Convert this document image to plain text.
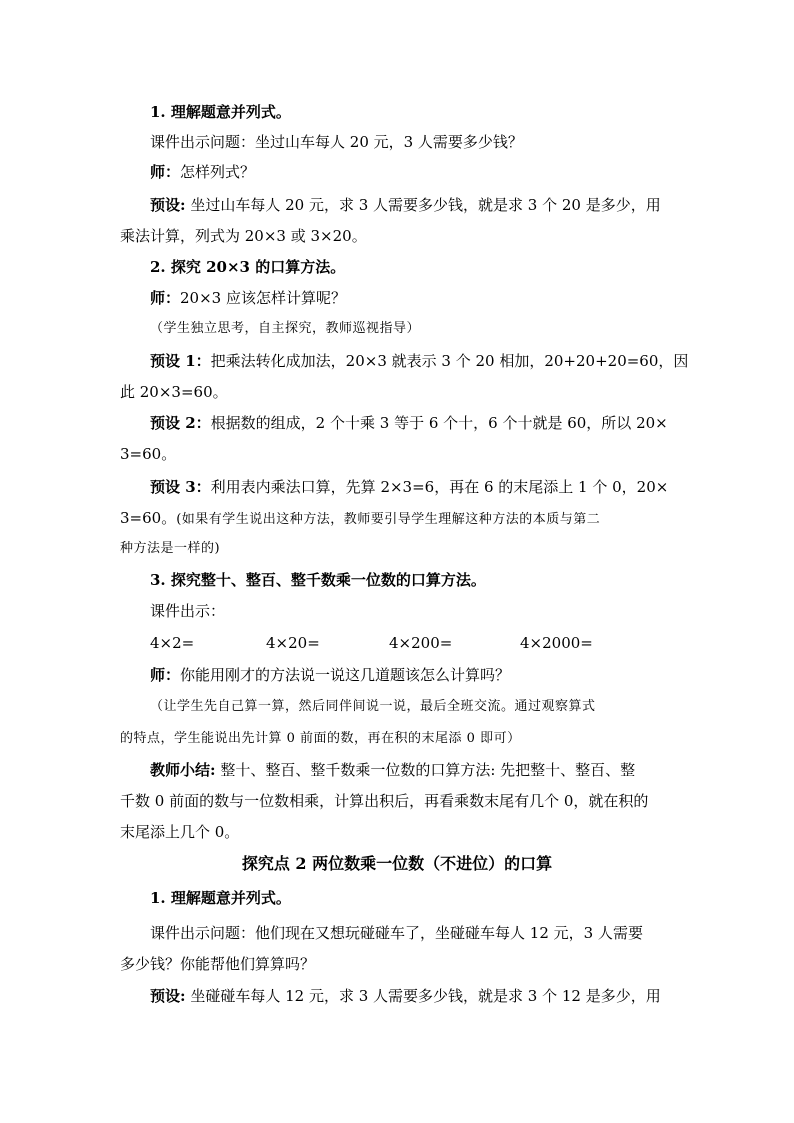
1. 理解题意并列式。
课件出示问题：坐过山车每人 20 元，3 人需要多少钱？
师：怎样列式？
预设: 坐过山车每人 20 元，求 3 人需要多少钱，就是求 3 个 20 是多少，用
乘法计算，列式为 20×3 或 3×20。
2. 探究 20×3 的口算方法。
师：20×3 应该怎样计算呢？
（学生独立思考，自主探究，教师巡视指导）
预设 1：把乘法转化成加法，20×3 就表示 3 个 20 相加，20+20+20=60，因
此 20×3=60。
预设 2：根据数的组成，2 个十乘 3 等于 6 个十，6 个十就是 60，所以 20×
3=60。
预设 3：利用表内乘法口算，先算 2×3=6，再在 6 的末尾添上 1 个 0，20×
3=60。(如果有学生说出这种方法，教师要引导学生理解这种方法的本质与第二
种方法是一样的)
3. 探究整十、整百、整千数乘一位数的口算方法。
课件出示：
4×2=	4×20=	4×200=	4×2000=
师：你能用刚才的方法说一说这几道题该怎么计算吗？
（让学生先自己算一算，然后同伴间说一说，最后全班交流。通过观察算式
的特点，学生能说出先计算 0 前面的数，再在积的末尾添 0 即可）
教师小结: 整十、整百、整千数乘一位数的口算方法: 先把整十、整百、整
千数 0 前面的数与一位数相乘，计算出积后，再看乘数末尾有几个 0，就在积的
末尾添上几个 0。
探究点 2 两位数乘一位数（不进位）的口算
1. 理解题意并列式。
课件出示问题：他们现在又想玩碰碰车了，坐碰碰车每人 12 元，3 人需要
多少钱？你能帮他们算算吗？
预设: 坐碰碰车每人 12 元，求 3 人需要多少钱，就是求 3 个 12 是多少，用
